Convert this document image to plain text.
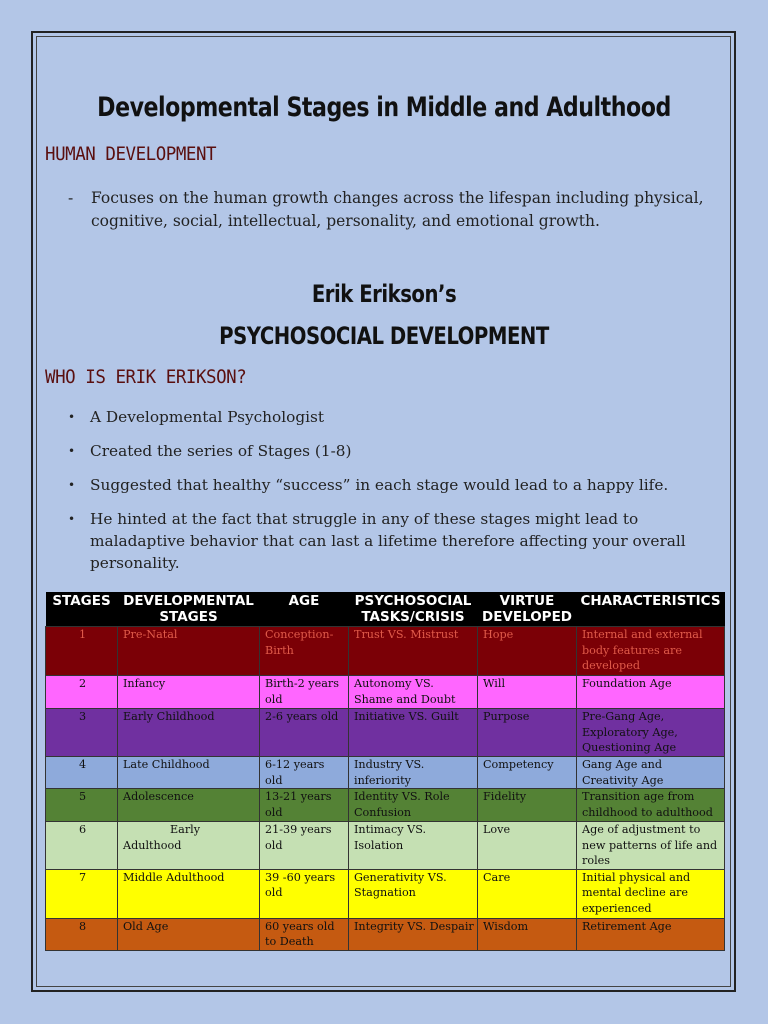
Developmental Stages in Middle and Adulthood
HUMAN DEVELOPMENT
- Focuses on the human growth changes across the lifespan including physical, cognitive, social, intellectual, personality, and emotional growth.
Erik Erikson’s
PSYCHOSOCIAL DEVELOPMENT
WHO IS ERIK ERIKSON?
• A Developmental Psychologist
• Created the series of Stages (1-8)
• Suggested that healthy “success” in each stage would lead to a happy life.
• He hinted at the fact that struggle in any of these stages might lead to maladaptive behavior that can last a lifetime therefore affecting your overall personality.
STAGES	DEVELOPMENTAL STAGES	AGE	PSYCHOSOCIAL TASKS/CRISIS	VIRTUE DEVELOPED	CHARACTERISTICS
1	Pre-Natal	Conception-Birth	Trust VS. Mistrust	Hope	Internal and external body features are developed
2	Infancy	Birth-2 years old	Autonomy VS. Shame and Doubt	Will	Foundation Age
3	Early Childhood	2-6 years old	Initiative VS. Guilt	Purpose	Pre-Gang Age, Exploratory Age, Questioning Age
4	Late Childhood	6-12 years old	Industry VS. inferiority	Competency	Gang Age and Creativity Age
5	Adolescence	13-21 years old	Identity VS. Role Confusion	Fidelity	Transition age from childhood to adulthood
6	Early Adulthood	21-39 years old	Intimacy VS. Isolation	Love	Age of adjustment to new patterns of life and roles
7	Middle Adulthood	39 -60 years old	Generativity VS. Stagnation	Care	Initial physical and mental decline are experienced
8	Old Age	60 years old to Death	Integrity VS. Despair	Wisdom	Retirement Age
